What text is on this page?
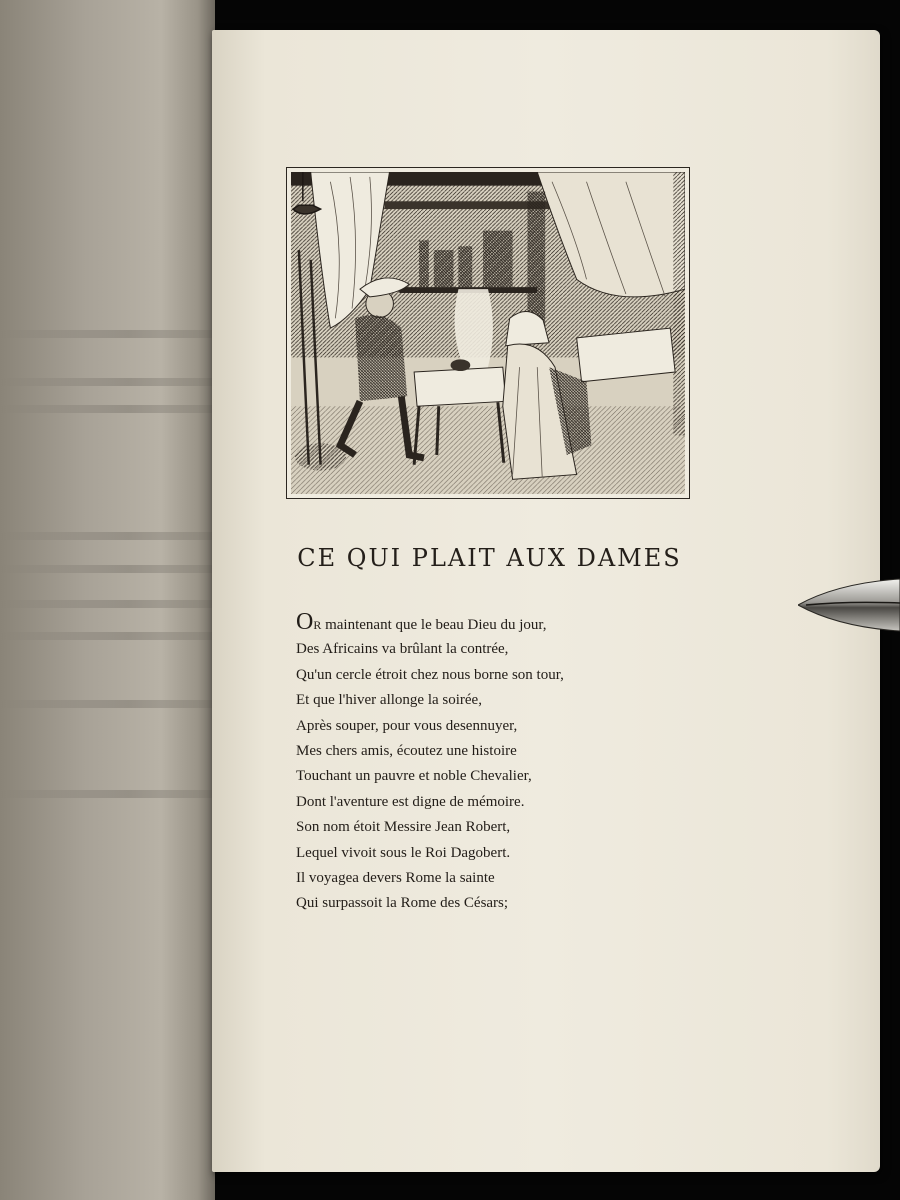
CE QUI PLAIT AUX DAMES
OR maintenant que le beau Dieu du jour,
Des Africains va brûlant la contrée,
Qu'un cercle étroit chez nous borne son tour,
Et que l'hiver allonge la soirée,
Après souper, pour vous desennuyer,
Mes chers amis, écoutez une histoire
Touchant un pauvre et noble Chevalier,
Dont l'aventure est digne de mémoire.
Son nom étoit Messire Jean Robert,
Lequel vivoit sous le Roi Dagobert.
Il voyagea devers Rome la sainte
Qui surpassoit la Rome des Césars;
